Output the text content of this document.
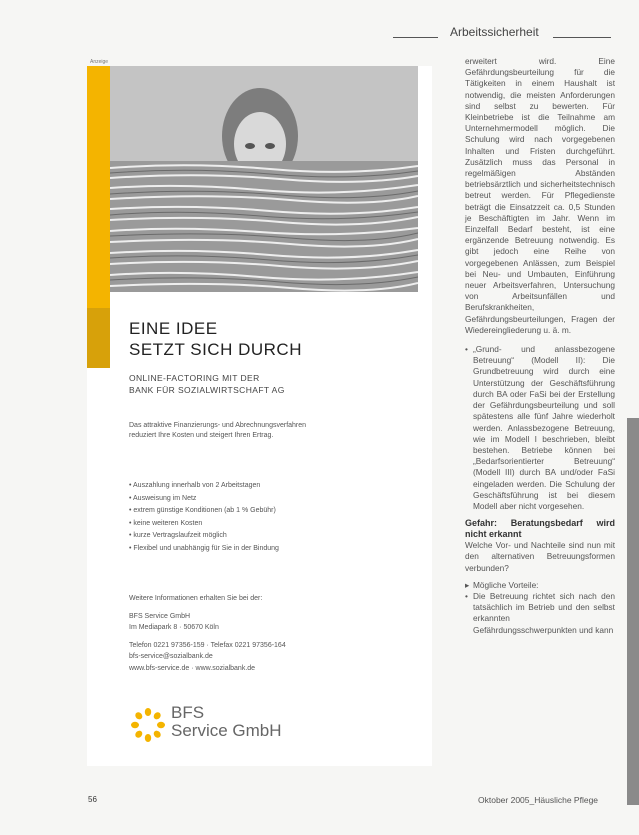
Arbeitssicherheit
Anzeige
EINE IDEE
SETZT SICH DURCH
ONLINE-FACTORING MIT DER
BANK FÜR SOZIALWIRTSCHAFT AG
Das attraktive Finanzierungs- und Abrechnungsverfahren reduziert Ihre Kosten und steigert Ihren Ertrag.
• Auszahlung innerhalb von 2 Arbeitstagen
• Ausweisung im Netz
• extrem günstige Konditionen (ab 1 % Gebühr)
• keine weiteren Kosten
• kurze Vertragslaufzeit möglich
• Flexibel und unabhängig für Sie in der Bindung
Weitere Informationen erhalten Sie bei der:
BFS Service GmbH
Im Mediapark 8 · 50670 Köln
Telefon 0221 97356-159 · Telefax 0221 97356-164
bfs-service@sozialbank.de
www.bfs-service.de · www.sozialbank.de
BFS
Service GmbH

erweitert wird. Eine Gefährdungsbeurteilung für die Tätigkeiten in einem Haushalt ist notwendig, die meisten Anforderungen sind selbst zu bewerten. Für Kleinbetriebe ist die Teilnahme am Unternehmermodell möglich. Die Schulung wird nach vorgegebenen Inhalten und Fristen durchgeführt. Zusätzlich muss das Personal in regelmäßigen Abständen betriebsärztlich und sicherheitstechnisch betreut werden. Für Pflegedienste beträgt die Einsatzzeit ca. 0,5 Stunden je Beschäftigten im Jahr. Wenn im Einzelfall Bedarf besteht, ist eine ergänzende Betreuung notwendig. Es gibt jedoch eine Reihe von vorgegebenen Anlässen, zum Beispiel bei Neu- und Umbauten, Einführung neuer Arbeitsverfahren, Untersuchung von Arbeitsunfällen und Berufskrankheiten, Gefährdungsbeurteilungen, Fragen der Wiedereingliederung u. ä. m.

• „Grund- und anlassbezogene Betreuung“ (Modell II): Die Grundbetreuung wird durch eine Unterstützung der Geschäftsführung durch BA oder FaSi bei der Erstellung der Gefährdungsbeurteilung und soll spätestens alle fünf Jahre wiederholt werden. Anlassbezogene Betreuung, wie im Modell I beschrieben, bleibt bestehen. Betriebe können bei „Bedarfsorientierter Betreuung“ (Modell III) durch BA und/oder FaSi eingeladen werden. Die Schulung der Geschäftsführung ist bei diesem Modell aber nicht vorgesehen.
Gefahr: Beratungsbedarf wird nicht erkannt

Welche Vor- und Nachteile sind nun mit den alternativen Betreuungsformen verbunden?

▸ Mögliche Vorteile:
• Die Betreuung richtet sich nach den tatsächlich im Betrieb und den selbst erkannten Gefährdungsschwerpunkten und kann
56	Oktober 2005_Häusliche Pflege
